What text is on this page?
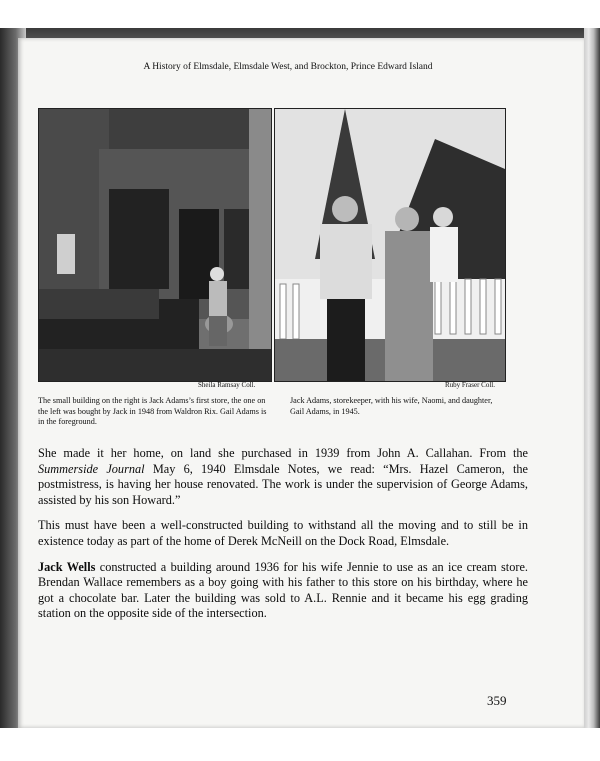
A History of Elmsdale, Elmsdale West, and Brockton, Prince Edward Island
Sheila Ramsay Coll.	Ruby Fraser Coll.
The small building on the right is Jack Adams’s first store, the one on the left was bought by Jack in 1948 from Waldron Rix. Gail Adams is in the foreground.
Jack Adams, storekeeper, with his wife, Naomi, and daughter, Gail Adams, in 1945.

She made it her home, on land she purchased in 1939 from John A. Callahan. From the Summerside Journal May 6, 1940 Elmsdale Notes, we read: “Mrs. Hazel Cameron, the postmistress, is having her house renovated. The work is under the supervision of George Adams, assisted by his son Howard.”

This must have been a well-constructed building to withstand all the moving and to still be in existence today as part of the home of Derek McNeill on the Dock Road, Elmsdale.

Jack Wells constructed a building around 1936 for his wife Jennie to use as an ice cream store. Brendan Wallace remembers as a boy going with his father to this store on his birthday, where he got a chocolate bar. Later the building was sold to A.L. Rennie and it became his egg grading station on the opposite side of the intersection.

359
